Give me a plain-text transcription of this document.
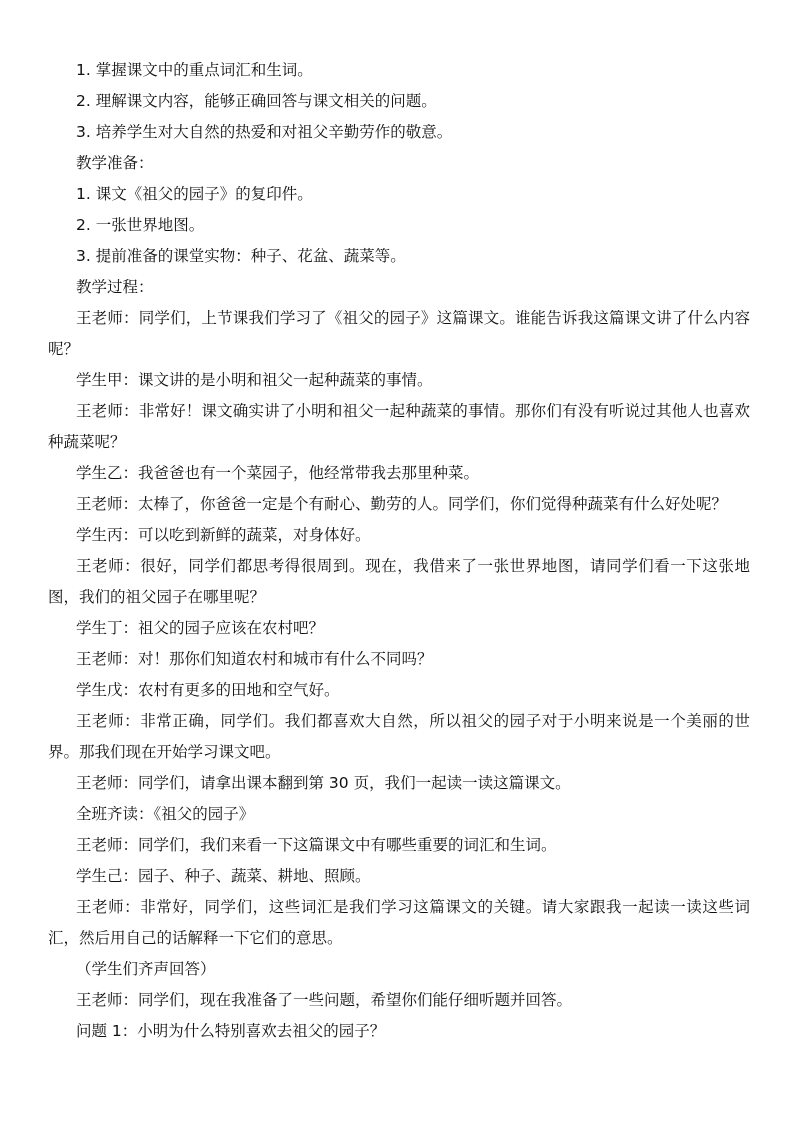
1. 掌握课文中的重点词汇和生词。

2. 理解课文内容，能够正确回答与课文相关的问题。

3. 培养学生对大自然的热爱和对祖父辛勤劳作的敬意。

教学准备：

1. 课文《祖父的园子》的复印件。

2. 一张世界地图。

3. 提前准备的课堂实物：种子、花盆、蔬菜等。

教学过程：

王老师：同学们，上节课我们学习了《祖父的园子》这篇课文。谁能告诉我这篇课文讲了什么内容呢？

学生甲：课文讲的是小明和祖父一起种蔬菜的事情。

王老师：非常好！课文确实讲了小明和祖父一起种蔬菜的事情。那你们有没有听说过其他人也喜欢种蔬菜呢？

学生乙：我爸爸也有一个菜园子，他经常带我去那里种菜。

王老师：太棒了，你爸爸一定是个有耐心、勤劳的人。同学们，你们觉得种蔬菜有什么好处呢？

学生丙：可以吃到新鲜的蔬菜，对身体好。

王老师：很好，同学们都思考得很周到。现在，我借来了一张世界地图，请同学们看一下这张地图，我们的祖父园子在哪里呢？

学生丁：祖父的园子应该在农村吧？

王老师：对！那你们知道农村和城市有什么不同吗？

学生戊：农村有更多的田地和空气好。

王老师：非常正确，同学们。我们都喜欢大自然，所以祖父的园子对于小明来说是一个美丽的世界。那我们现在开始学习课文吧。

王老师：同学们，请拿出课本翻到第 30 页，我们一起读一读这篇课文。

全班齐读：《祖父的园子》

王老师：同学们，我们来看一下这篇课文中有哪些重要的词汇和生词。

学生己：园子、种子、蔬菜、耕地、照顾。

王老师：非常好，同学们，这些词汇是我们学习这篇课文的关键。请大家跟我一起读一读这些词汇，然后用自己的话解释一下它们的意思。

（学生们齐声回答）

王老师：同学们，现在我准备了一些问题，希望你们能仔细听题并回答。

问题 1：小明为什么特别喜欢去祖父的园子？
